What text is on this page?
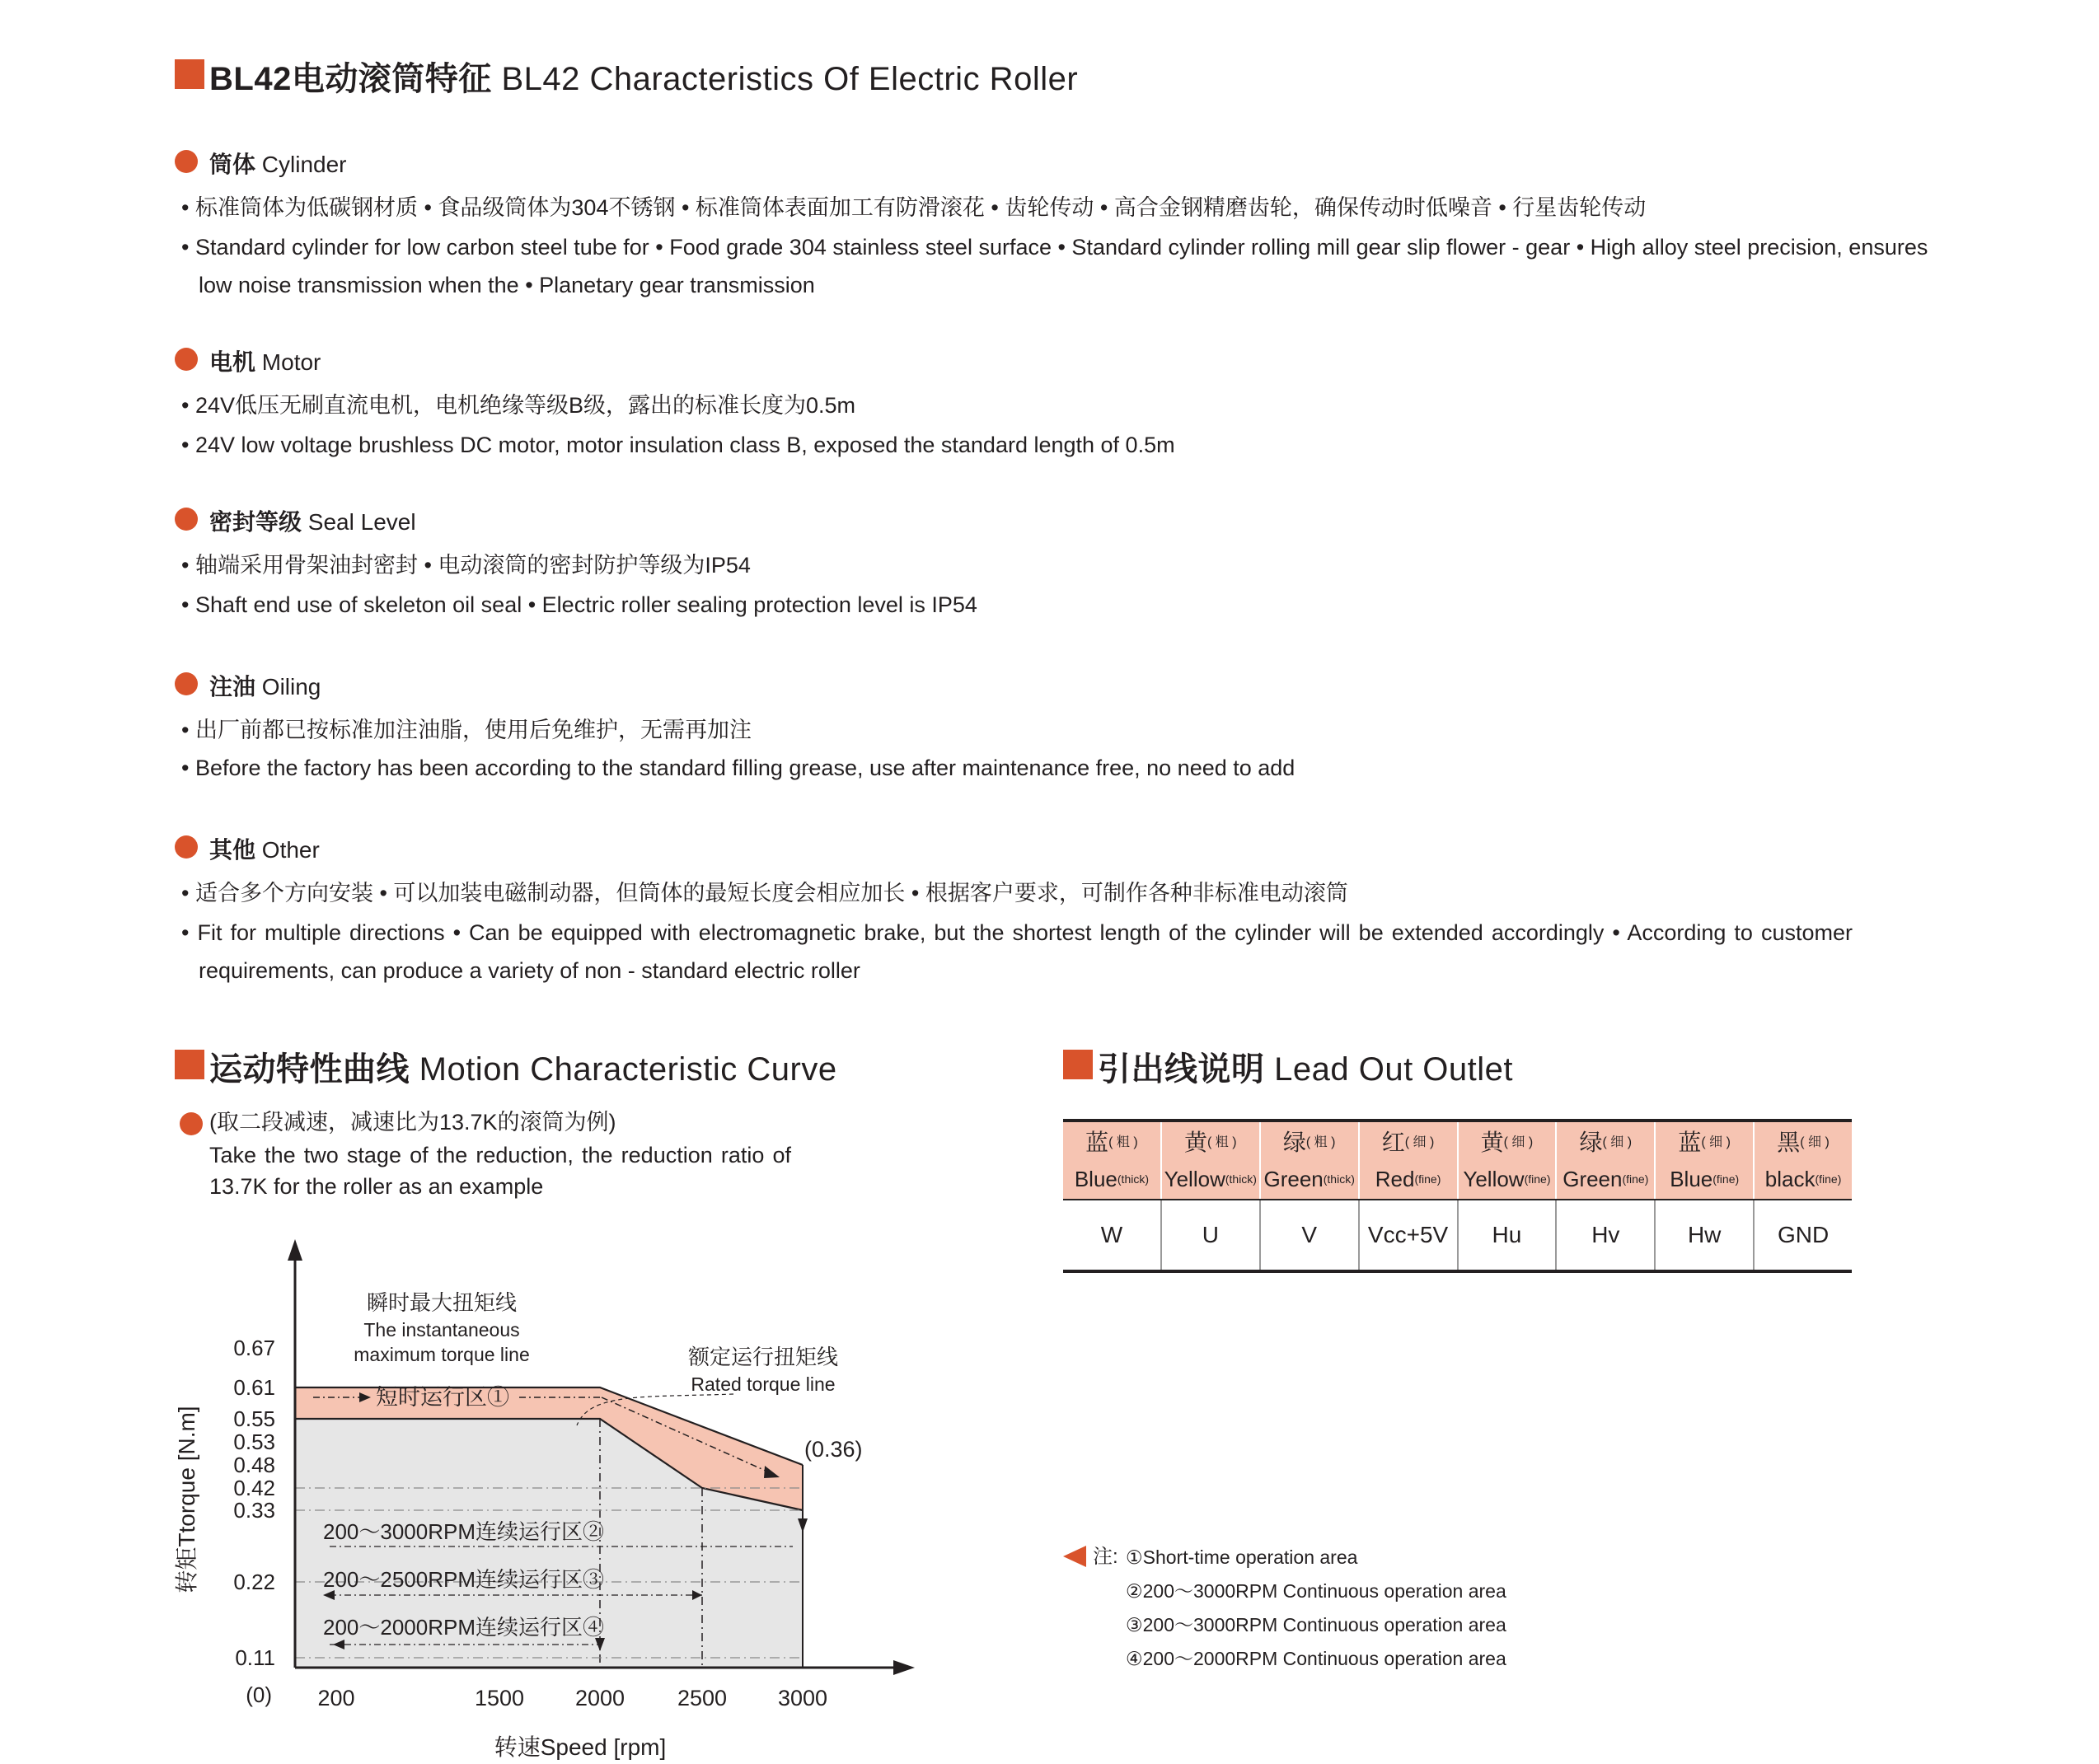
BL42电动滚筒特征 BL42 Characteristics Of Electric Roller
筒体 Cylinder
• 标准筒体为低碳钢材质 • 食品级筒体为304不锈钢 • 标准筒体表面加工有防滑滚花 • 齿轮传动 • 高合金钢精磨齿轮，确保传动时低噪音 • 行星齿轮传动
• Standard cylinder for low carbon steel tube for • Food grade 304 stainless steel surface • Standard cylinder rolling mill gear slip flower - gear • High alloy steel precision, ensures
low noise transmission when the • Planetary gear transmission
电机 Motor
• 24V低压无刷直流电机，电机绝缘等级B级，露出的标准长度为0.5m
• 24V low voltage brushless DC motor, motor insulation class B, exposed the standard length of 0.5m
密封等级 Seal Level
• 轴端采用骨架油封密封 • 电动滚筒的密封防护等级为IP54
• Shaft end use of skeleton oil seal • Electric roller sealing protection level is IP54
注油 Oiling
• 出厂前都已按标准加注油脂，使用后免维护，无需再加注
• Before the factory has been according to the standard filling grease, use after maintenance free, no need to add
其他 Other
• 适合多个方向安装 • 可以加装电磁制动器，但筒体的最短长度会相应加长 • 根据客户要求，可制作各种非标准电动滚筒
• Fit for multiple directions • Can be equipped with electromagnetic brake, but the shortest length of the cylinder will be extended accordingly • According to customer
requirements, can produce a variety of non - standard electric roller
运动特性曲线 Motion Characteristic Curve
(取二段减速，减速比为13.7K的滚筒为例)
Take the two stage of the reduction, the reduction ratio of
13.7K for the roller as an example
0.67
0.61
0.55
0.53
0.48
0.42
0.33
0.22
0.11
200	1500 2000 2500 3000
(0)
转速Speed [rpm]
转矩Ttorque [N.m]
瞬时最大扭矩线
The instantaneous
maximum torque line	额定运行扭矩线
Rated torque line
(0.36)
短时运行区①
200～3000RPM连续运行区②
200～2500RPM连续运行区③
200～2000RPM连续运行区④
引出线说明 Lead Out Outlet
蓝 ( 粗 ) 黄 ( 粗 ) 绿 ( 粗 ) 红 ( 细 ) 黄 ( 细 ) 绿 ( 细 ) 蓝 ( 细 ) 黑 ( 细 )
Blue (thick) Yellow (thick) Green (thick) Red (fine) Yellow (fine) Green (fine) Blue (fine) black (fine)
W	U	V	Vcc+5V	Hu	Hv	Hw	GND
注: ①Short-time operation area
②200～3000RPM Continuous operation area
③200～3000RPM Continuous operation area
④200～2000RPM Continuous operation area
